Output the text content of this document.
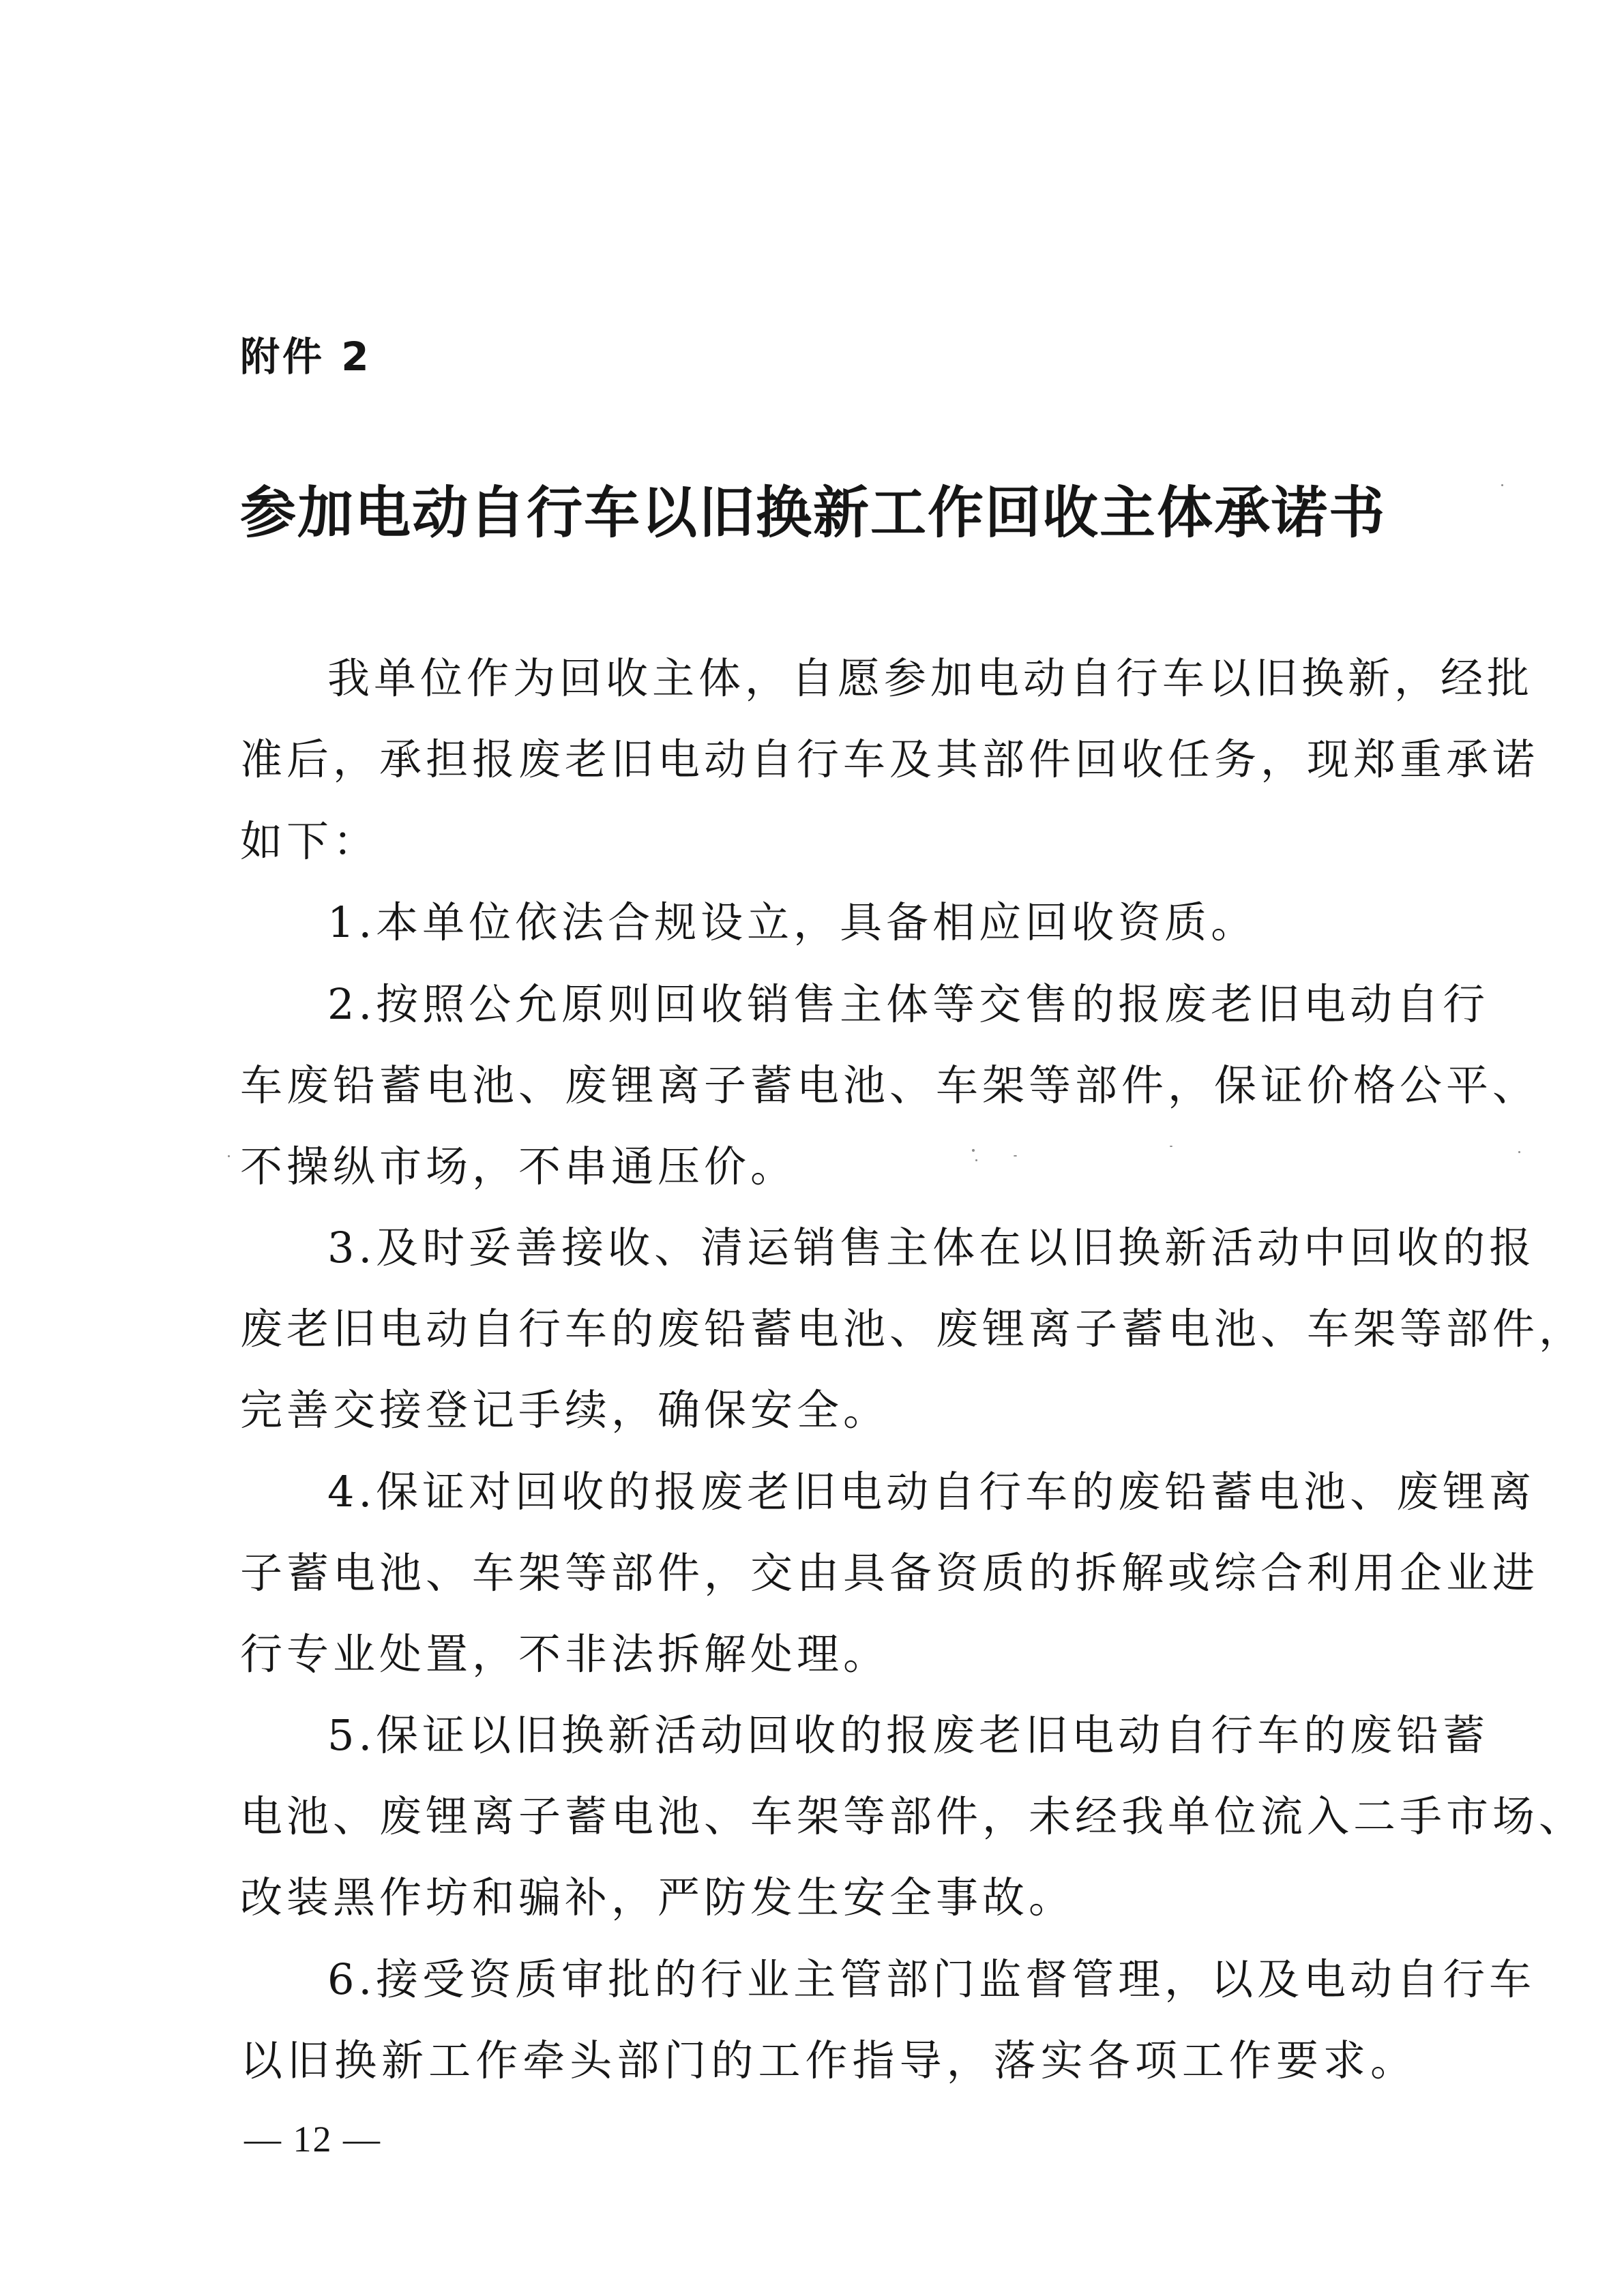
附件 2
参加电动自行车以旧换新工作回收主体承诺书
我单位作为回收主体，自愿参加电动自行车以旧换新，经批
准后，承担报废老旧电动自行车及其部件回收任务，现郑重承诺
如下：
1.本单位依法合规设立，具备相应回收资质。
2.按照公允原则回收销售主体等交售的报废老旧电动自行
车废铅蓄电池、废锂离子蓄电池、车架等部件，保证价格公平、
不操纵市场，不串通压价。
3.及时妥善接收、清运销售主体在以旧换新活动中回收的报
废老旧电动自行车的废铅蓄电池、废锂离子蓄电池、车架等部件，
完善交接登记手续，确保安全。
4.保证对回收的报废老旧电动自行车的废铅蓄电池、废锂离
子蓄电池、车架等部件，交由具备资质的拆解或综合利用企业进
行专业处置，不非法拆解处理。
5.保证以旧换新活动回收的报废老旧电动自行车的废铅蓄
电池、废锂离子蓄电池、车架等部件，未经我单位流入二手市场、
改装黑作坊和骗补，严防发生安全事故。
6.接受资质审批的行业主管部门监督管理，以及电动自行车
以旧换新工作牵头部门的工作指导，落实各项工作要求。
— 12 —
